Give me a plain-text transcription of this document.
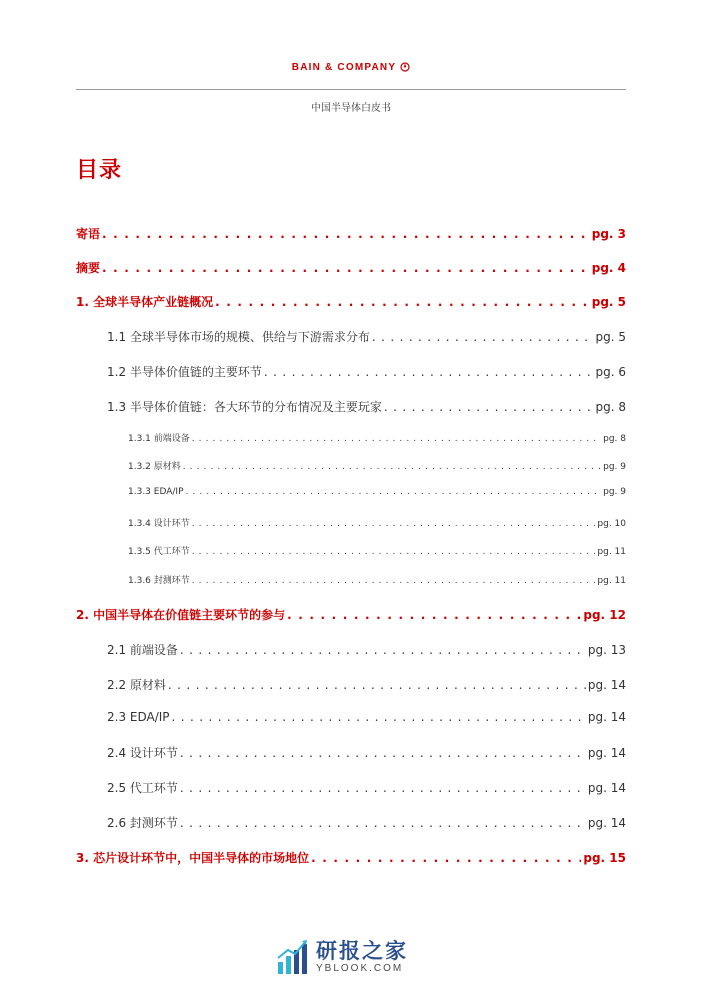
BAIN & COMPANY
中国半导体白皮书
目录
寄语 . . .	pg. 3
摘要 . . .	pg. 4
1. 全球半导体产业链概况 . . .	pg. 5
1.1 全球半导体市场的规模、供给与下游需求分布 . . .	pg. 5
1.2 半导体价值链的主要环节 . . .	pg. 6
1.3 半导体价值链：各大环节的分布情况及主要玩家 . . .	pg. 8
1.3.1 前端设备 . . .	pg. 8
1.3.2 原材料 . . .	pg. 9
1.3.3 EDA/IP . . .	pg. 9
1.3.4 设计环节 . . .	pg. 10
1.3.5 代工环节 . . .	pg. 11
1.3.6 封测环节 . . .	pg. 11
2. 中国半导体在价值链主要环节的参与 . . .	pg. 12
2.1 前端设备 . . .	pg. 13
2.2 原材料 . . .	pg. 14
2.3 EDA/IP . . .	pg. 14
2.4 设计环节 . . .	pg. 14
2.5 代工环节 . . .	pg. 14
2.6 封测环节 . . .	pg. 14
3. 芯片设计环节中，中国半导体的市场地位 . . .	pg. 15
研报之家
YBLOOK.COM
